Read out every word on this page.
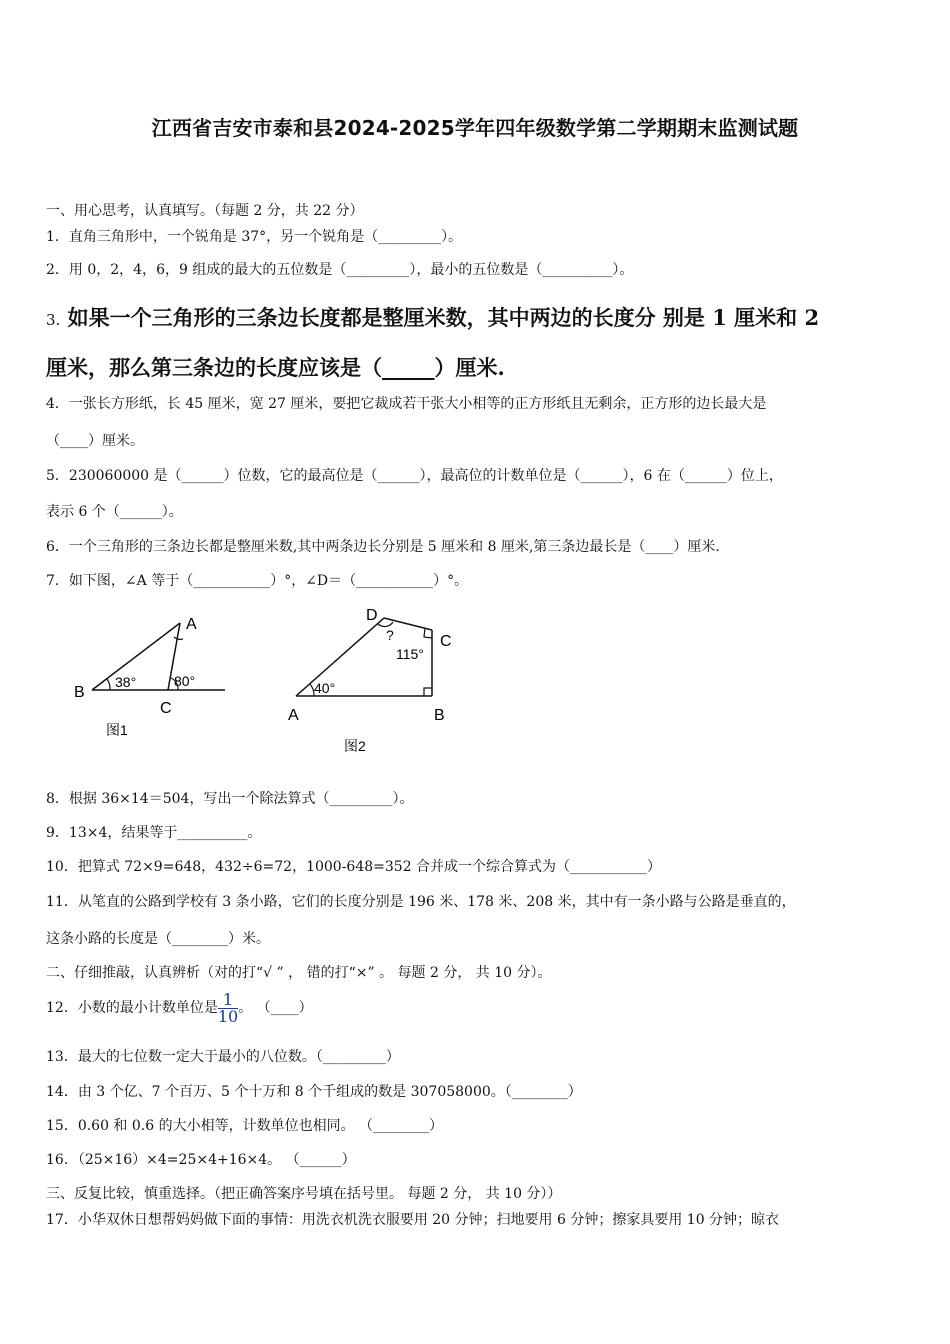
江西省吉安市泰和县2024-2025学年四年级数学第二学期期末监测试题
一、用心思考，认真填写。（每题 2 分，共 22 分）
1．直角三角形中，一个锐角是 37°，另一个锐角是（_________）。
2．用 0，2，4，6，9 组成的最大的五位数是（_________），最小的五位数是（__________）。
3. 如果一个三角形的三条边长度都是整厘米数，其中两边的长度分 别是 1 厘米和 2
厘米，那么第三条边的长度应该是（_____）厘米.
4．一张长方形纸，长 45 厘米，宽 27 厘米，要把它裁成若干张大小相等的正方形纸且无剩余，正方形的边长最大是
（____）厘米。
5．230060000 是（______）位数，它的最高位是（______），最高位的计数单位是（______），6 在（______）位上，
表示 6 个（______）。
6．一个三角形的三条边长都是整厘米数,其中两条边长分别是 5 厘米和 8 厘米,第三条边最长是（____）厘米.
7．如下图，∠A 等于（___________）°，∠D＝（___________）°。
38°	80°
A
B
C
图1
40°
115°
?
D
C
A	B
图2
8．根据 36×14＝504，写出一个除法算式（_________）。
9．13×4，结果等于__________。
10．把算式 72×9=648，432÷6=72，1000-648=352 合并成一个综合算式为（___________）
11．从笔直的公路到学校有 3 条小路，它们的长度分别是 196 米、178 米、208 米，其中有一条小路与公路是垂直的，
这条小路的长度是（________）米。
二、仔细推敲，认真辨析（对的打“√ ” ， 错的打“×” 。 每题 2 分， 共 10 分）。
12．小数的最小计数单位是 $\frac{1}{10}$ 。 （____）
13．最大的七位数一定大于最小的八位数。（_________）
14．由 3 个亿、7 个百万、5 个十万和 8 个千组成的数是 307058000。（________）
15．0.60 和 0.6 的大小相等，计数单位也相同。 （________）
16．（25×16）×4=25×4+16×4。 （______）
三、反复比较，慎重选择。（把正确答案序号填在括号里。 每题 2 分， 共 10 分））
17．小华双休日想帮妈妈做下面的事情：用洗衣机洗衣服要用 20 分钟；扫地要用 6 分钟；擦家具要用 10 分钟；晾衣
